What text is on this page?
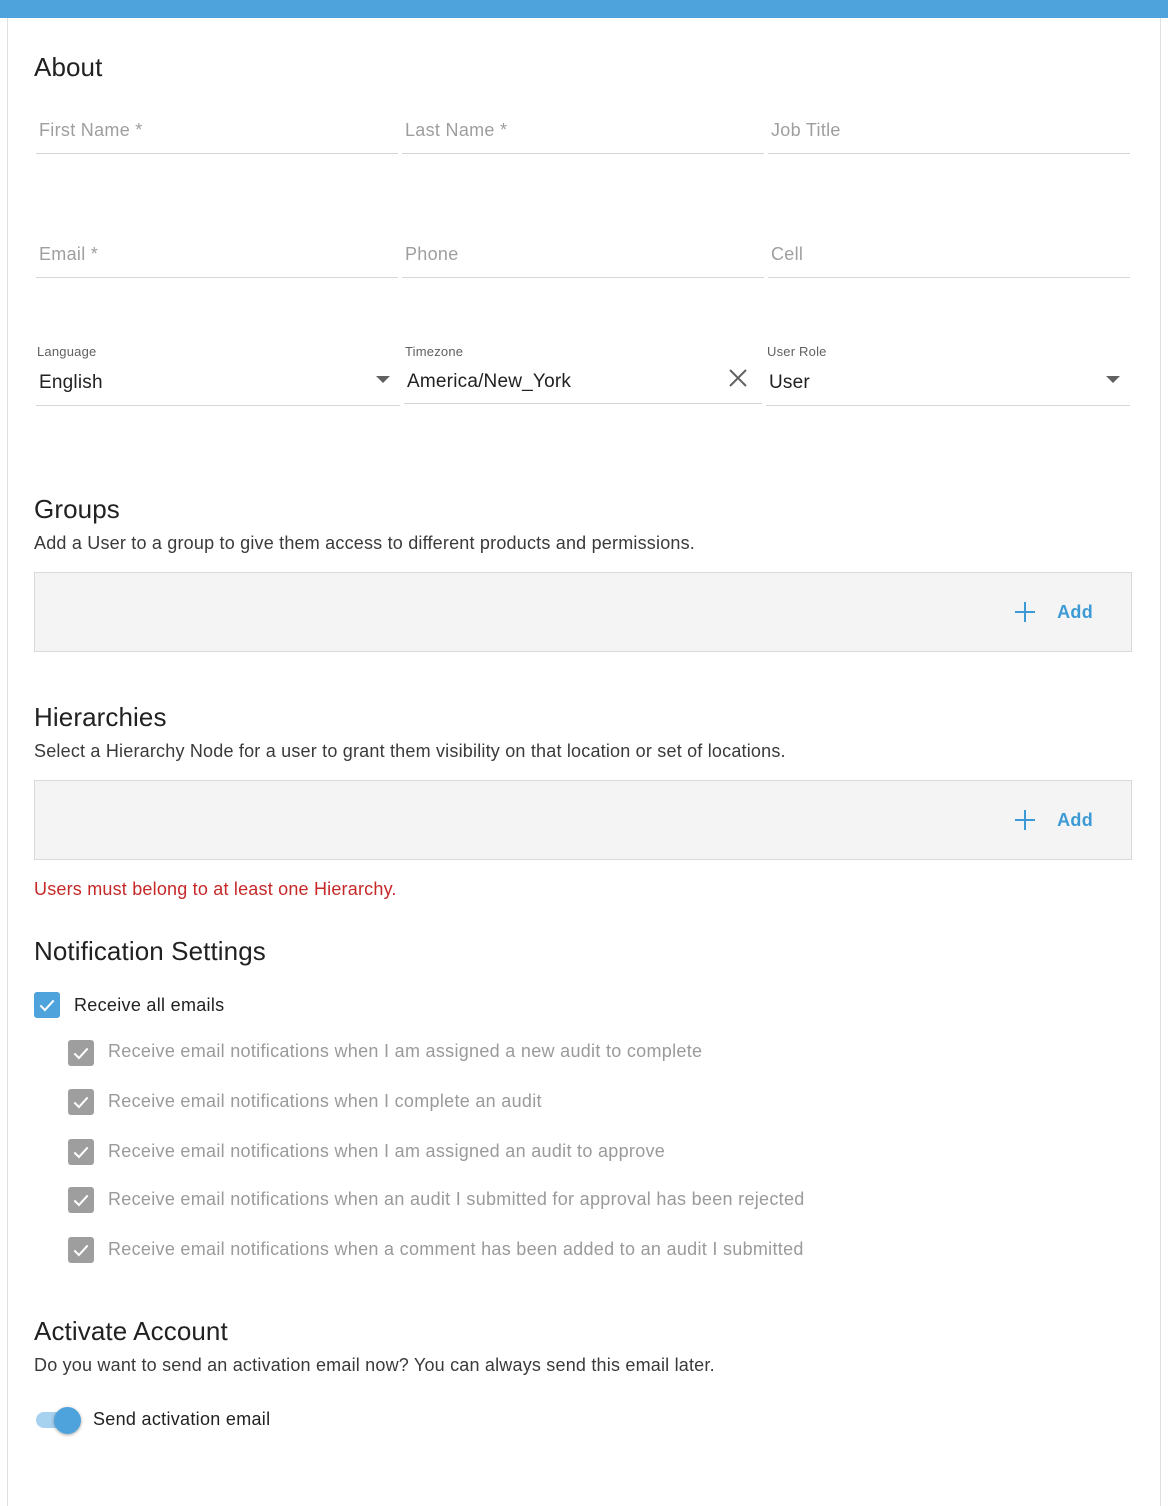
About
First Name *
Last Name *
Job Title
Email *
Phone
Cell
Language
English
Timezone
America/New_York
User Role
User
Groups
Add a User to a group to give them access to different products and permissions.
Add
Hierarchies
Select a Hierarchy Node for a user to grant them visibility on that location or set of locations.
Add
Users must belong to at least one Hierarchy.
Notification Settings
Receive all emails
Receive email notifications when I am assigned a new audit to complete
Receive email notifications when I complete an audit
Receive email notifications when I am assigned an audit to approve
Receive email notifications when an audit I submitted for approval has been rejected
Receive email notifications when a comment has been added to an audit I submitted
Activate Account
Do you want to send an activation email now? You can always send this email later.
Send activation email
